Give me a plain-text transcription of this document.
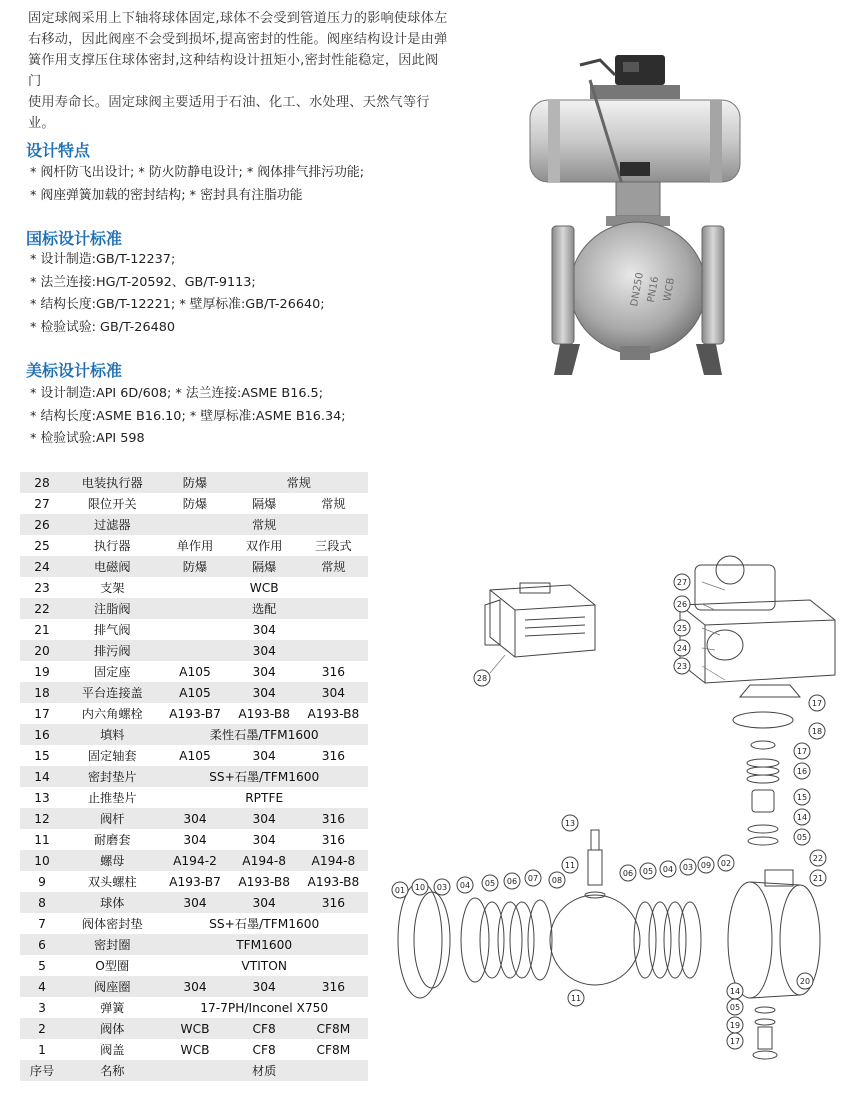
固定球阀采用上下轴将球体固定,球体不会受到管道压力的影响使球体左

右移动，因此阀座不会受到损坏,提高密封的性能。阀座结构设计是由弹

簧作用支撑压住球体密封,这种结构设计扭矩小,密封性能稳定，因此阀门

使用寿命长。固定球阀主要适用于石油、化工、水处理、天然气等行业。

设计特点
* 阀杆防飞出设计; * 防火防静电设计; * 阀体排气排污功能;
* 阀座弹簧加载的密封结构; * 密封具有注脂功能
国标设计标准
* 设计制造:GB/T-12237;
* 法兰连接:HG/T-20592、GB/T-9113;
* 结构长度:GB/T-12221; * 壁厚标准:GB/T-26640;
* 检验试验: GB/T-26480
美标设计标准
* 设计制造:API 6D/608; * 法兰连接:ASME B16.5;
* 结构长度:ASME B16.10; * 壁厚标准:ASME B16.34;
* 检验试验:API 598
DN250 PN16 WCB
28	电装执行器	防爆	常规	
27	限位开关	防爆	隔爆	常规
26	过滤器	常规		
25	执行器	单作用	双作用	三段式
24	电磁阀	防爆	隔爆	常规
23	支架	WCB		
22	注脂阀	选配		
21	排气阀	304		
20	排污阀	304		
19	固定座	A105	304	316
18	平台连接盖	A105	304	304
17	内六角螺栓	A193-B7	A193-B8	A193-B8
16	填料	柔性石墨/TFM1600		
15	固定轴套	A105	304	316
14	密封垫片	SS+石墨/TFM1600		
13	止推垫片	RPTFE		
12	阀杆	304	304	316
11	耐磨套	304	304	316
10	螺母	A194-2	A194-8	A194-8
9	双头螺柱	A193-B7	A193-B8	A193-B8
8	球体	304	304	316
7	阀体密封垫	SS+石墨/TFM1600		
6	密封圈	TFM1600		
5	O型圈	VTITON		
4	阀座圈	304	304	316
3	弹簧	17-7PH/Inconel X750		
2	阀体	WCB	CF8	CF8M
1	阀盖	WCB	CF8	CF8M
序号	名称	材质		
28
27
26
25
24
23
17
18
17
16
15
14
05
13
11
08
11
01 10 03 04 05 06 07
06 05 04 03 09 02
22
21
20
14
05
19
17
